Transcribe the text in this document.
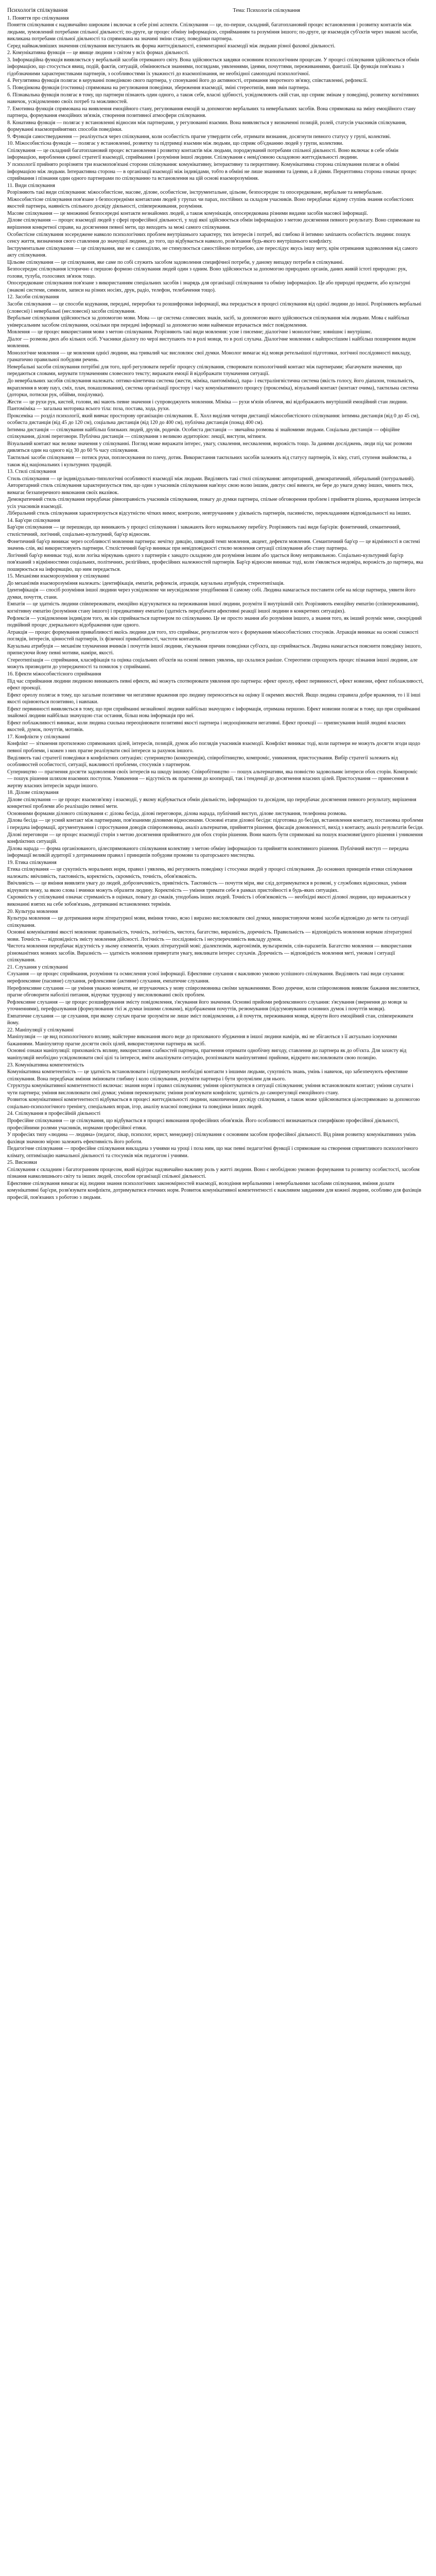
Психологія спілкування	Тема: Психологія спілкування

1. Поняття про спілкування

Поняття спілкування є надзвичайно широким і включає в себе різні аспекти. Спілкування — це, по-перше, складний, багатоплановий процес встановлення і розвитку контактів між людьми, зумовлений потребами спільної діяльності; по-друге, це процес обміну інформацією, сприйманням та розуміння іншого; по-друге, це взаємодія суб'єктів через знакові засоби, викликана потребами спільної діяльності та спрямована на значимі зміни стану, поведінки партнера.

Серед найважливіших значення спілкування виступають як форма життєдіяльності, елементарної взаємодії між людьми різної фахової діяльності.

2. Комунікативна функція — це явище людини з світом у всіх формах діяльності.

3. Інформаційна функція виявляється у вербальній засобів отриманого світу. Вона здійснюється завдяки основним психологічним процесам. У процесі спілкування здійснюється обмін інформацією, що стосується явищ, подій, фактів, ситуацій, обмінюються знаннями, поглядами, уявленнями, ідеями, почуттями, переживаннями, фантазії. Ця функція пов'язана з гідобзначними характеристиками партнерів, з особливостями їх уважності до взаємопізнання, не необхідної самоподачі психологічної.

4. Регулятивна функція полягає в керуванні поведінкою свого партнера, у спонуканні його до активності, отримання зворотного зв'язку, співставленні, рефлексії.

5. Поведінкова функція (гостинна) спрямована на регулювання поведінки, збереження взаємодії, зміні стереотипів, вияв змін партнера.

6. Пізнавальна функція полягає в тому, що партнери пізнають один одного, а також себе, власні здібності, усвідомлюють свій стан, що сприяє змінам у поведінці, розвитку когнітивних навичок, усвідомленню своїх потреб та можливостей.

7. Емотивна функція спрямована на виявлення емоційного стану, регулювання емоцій за допомогою вербальних та невербальних засобів. Вона спрямована на зміну емоційного стану партнера, формування емоційних зв'язків, створення позитивної атмосфери спілкування.

8. Конативна функція — полягає у встановленні відносин між партнерами, у регулюванні взаємин. Вона виявляється у визначенні позицій, ролей, статусів учасників спілкування, формуванні взаємоприйнятних способів поведінки.

9. Функція самоствердження — реалізується через спілкування, коли особистість прагне утвердити себе, отримати визнання, досягнути певного статусу у групі, колективі.

10. Міжособистісна функція — полягає у встановленні, розвитку та підтримці взаємин між людьми, що сприяє об'єднанню людей у групи, колективи.

Спілкування — це складний багатоплановий процес встановлення і розвитку контактів між людьми, породжуваний потребами спільної діяльності. Воно включає в себе обмін інформацією, вироблення єдиної стратегії взаємодії, сприймання і розуміння іншої людини. Спілкування є невід'ємною складовою життєдіяльності людини.

У психології прийнято розрізняти три взаємопов'язані сторони спілкування: комунікативну, інтерактивну та перцептивну. Комунікативна сторона спілкування полягає в обміні інформацією між людьми. Інтерактивна сторона — в організації взаємодії між індивідами, тобто в обміні не лише знаннями та ідеями, а й діями. Перцептивна сторона означає процес сприймання і пізнання один одного партнерами по спілкуванню та встановлення на цій основі взаєморозуміння.

11. Види спілкування

Розрізняють такі види спілкування: міжособистісне, масове, ділове, особистісне, інструментальне, цільове, безпосереднє та опосередковане, вербальне та невербальне.

Міжособистісне спілкування пов'язане з безпосередніми контактами людей у групах чи парах, постійних за складом учасників. Воно передбачає відому ступінь знання особистісних якостей партнера, наявність спільного досвіду діяльності, співпереживання, розуміння.

Масове спілкування — це множинні безпосередні контакти незнайомих людей, а також комунікація, опосередкована різними видами засобів масової інформації.

Ділове спілкування — процес взаємодії людей у сфері професійної діяльності, у ході якої здійснюється обмін інформацією з метою досягнення певного результату. Воно спрямоване на вирішення конкретної справи, на досягнення певної мети, що виходить за межі самого спілкування.

Особистісне спілкування зосереджене навколо психологічних проблем внутрішнього характеру, тих інтересів і потреб, які глибоко й інтимно зачіпають особистість людини: пошук сенсу життя, визначення свого ставлення до значущої людини, до того, що відбувається навколо, розв'язання будь-якого внутрішнього конфлікту.

Інструментальне спілкування — це спілкування, яке не є самоціллю, не стимулюється самостійною потребою, але переслідує якусь іншу мету, крім отримання задоволення від самого акту спілкування.

Цільове спілкування — це спілкування, яке саме по собі служить засобом задоволення специфічної потреби, у даному випадку потреби в спілкуванні.

Безпосереднє спілкування історично є першою формою спілкування людей один з одним. Воно здійснюється за допомогою природних органів, даних живій істоті природою: рук, голови, тулуба, голосових зв'язок тощо.

Опосередковане спілкування пов'язане з використанням спеціальних засобів і знарядь для організації спілкування та обміну інформацією. Це або природні предмети, або культурні (знакові системи, символи, записи на різних носіях, друк, радіо, телефон, телебачення тощо).

12. Засоби спілкування

Засоби спілкування — це способи кодування, передачі, переробки та розшифровки інформації, яка передається в процесі спілкування від однієї людини до іншої. Розрізняють вербальні (словесні) і невербальні (несловесні) засоби спілкування.

Вербальне спілкування здійснюється за допомогою мови. Мова — це система словесних знаків, засіб, за допомогою якого здійснюється спілкування між людьми. Мова є найбільш універсальним засобом спілкування, оскільки при передачі інформації за допомогою мови найменше втрачається зміст повідомлення.

Мовлення — це процес використання мови з метою спілкування. Розрізняють такі види мовлення: усне і писемне; діалогічне і монологічне; зовнішнє і внутрішнє.

Діалог — розмова двох або кількох осіб. Учасники діалогу по черзі виступають то в ролі мовця, то в ролі слухача. Діалогічне мовлення є найпростішим і найбільш поширеним видом мовлення.

Монологічне мовлення — це мовлення однієї людини, яка тривалий час висловлює свої думки. Монолог вимагає від мовця ретельнішої підготовки, логічної послідовності викладу, граматично правильної побудови речень.

Невербальні засоби спілкування потрібні для того, щоб регулювати перебіг процесу спілкування, створювати психологічний контакт між партнерами; збагачувати значення, що передаються словами, керувати тлумаченням словесного тексту; виражати емоції й відображати тлумачення ситуації.

До невербальних засобів спілкування належать: оптико-кінетична система (жести, міміка, пантоміміка), пара- і екстралінгвістична система (якість голосу, його діапазон, тональність, вкраплення в мову пауз, сміх, плач, покашлювання), система організації простору і часу комунікативного процесу (проксеміка), візуальний контакт (контакт очима), тактильна система (доторки, потиски рук, обійми, поцілунки).

Жести — це рухи рук, кистей, голови, які мають певне значення і супроводжують мовлення. Міміка — рухи м'язів обличчя, які відображають внутрішній емоційний стан людини. Пантоміміка — загальна моторика всього тіла: поза, постава, хода, рухи.

Проксеміка — розділ психології, який вивчає просторову організацію спілкування. Е. Холл виділив чотири дистанції міжособистісного спілкування: інтимна дистанція (від 0 до 45 см), особиста дистанція (від 45 до 120 см), соціальна дистанція (від 120 до 400 см), публічна дистанція (понад 400 см).

Інтимна дистанція — спілкування найбільш близьких людей, друзів, родичів. Особиста дистанція — звичайна розмова зі знайомими людьми. Соціальна дистанція — офіційне спілкування, ділові переговори. Публічна дистанція — спілкування з великою аудиторією: лекції, виступи, мітинги.

Візуальний контакт має велике значення у спілкуванні. Погляд може виражати інтерес, увагу, схвалення, несхвалення, ворожість тощо. За даними досліджень, люди під час розмови дивляться один на одного від 30 до 60 % часу спілкування.

Тактильні засоби спілкування — потиск руки, поплескування по плечу, дотик. Використання тактильних засобів залежить від статусу партнерів, їх віку, статі, ступеня знайомства, а також від національних і культурних традицій.

13. Стилі спілкування

Стиль спілкування — це індивідуально-типологічні особливості взаємодії між людьми. Виділяють такі стилі спілкування: авторитарний, демократичний, ліберальний (потуральний).

Авторитарний стиль спілкування характеризується тим, що один з учасників спілкування нав'язує свою волю іншим, диктує свої вимоги, не бере до уваги думку інших, чинить тиск, вимагає беззаперечного виконання своїх вказівок.

Демократичний стиль спілкування передбачає рівноправність учасників спілкування, повагу до думки партнера, спільне обговорення проблем і прийняття рішень, врахування інтересів усіх учасників взаємодії.

Ліберальний стиль спілкування характеризується відсутністю чітких вимог, контролю, невтручанням у діяльність партнерів, пасивністю, перекладанням відповідальності на інших.

14. Бар'єри спілкування

Бар'єри спілкування — це перешкоди, що виникають у процесі спілкування і заважають його нормальному перебігу. Розрізняють такі види бар'єрів: фонетичний, семантичний, стилістичний, логічний, соціально-культурний, бар'єр відносин.

Фонетичний бар'єр виникає через особливості мовлення партнера: нечітку дикцію, швидкий темп мовлення, акцент, дефекти мовлення. Семантичний бар'єр — це відмінності в системі значень слів, які використовують партнери. Стилістичний бар'єр виникає при невідповідності стилю мовлення ситуації спілкування або стану партнера.

Логічний бар'єр виникає тоді, коли логіка міркувань одного з партнерів є занадто складною для розуміння іншим або здається йому неправильною. Соціально-культурний бар'єр пов'язаний з відмінностями соціальних, політичних, релігійних, професійних належностей партнерів. Бар'єр відносин виникає тоді, коли з'являється недовіра, ворожість до партнера, яка поширюється на інформацію, що ним передається.

15. Механізми взаєморозуміння у спілкуванні

До механізмів взаєморозуміння належать: ідентифікація, емпатія, рефлексія, атракція, каузальна атрибуція, стереотипізація.

Ідентифікація — спосіб розуміння іншої людини через усвідомлене чи неусвідомлене уподібнення її самому собі. Людина намагається поставити себе на місце партнера, уявити його думки, почуття, стани.

Емпатія — це здатність людини співпереживати, емоційно відгукуватися на переживання іншої людини, розуміти її внутрішній світ. Розрізняють емоційну емпатію (співпереживання), когнітивну емпатію (розуміння стану іншого) і предикативну емпатію (здатність передбачати афективні реакції іншої людини в конкретних ситуаціях).

Рефлексія — усвідомлення індивідом того, як він сприймається партнером по спілкуванню. Це не просто знання або розуміння іншого, а знання того, як інший розуміє мене, своєрідний подвійний процес дзеркального відображення одне одного.

Атракція — процес формування привабливості якоїсь людини для того, хто сприймає, результатом чого є формування міжособистісних стосунків. Атракція виникає на основі схожості поглядів, інтересів, цінностей партнерів, їх фізичної привабливості, частоти контактів.

Каузальна атрибуція — механізм тлумачення вчинків і почуттів іншої людини, з'ясування причин поведінки суб'єкта, що сприймається. Людина намагається пояснити поведінку іншого, приписуючи йому певні мотиви, наміри, якості.

Стереотипізація — сприймання, класифікація та оцінка соціальних об'єктів на основі певних уявлень, що склалися раніше. Стереотипи спрощують процес пізнання іншої людини, але можуть призводити до упередженості та помилок у сприйманні.

16. Ефекти міжособистісного сприймання

Під час сприймання людини людиною виникають певні ефекти, які можуть спотворювати уявлення про партнера: ефект ореолу, ефект первинності, ефект новизни, ефект поблажливості, ефект проекції.

Ефект ореолу полягає в тому, що загальне позитивне чи негативне враження про людину переноситься на оцінку її окремих якостей. Якщо людина справила добре враження, то і її інші якості оцінюються позитивно, і навпаки.

Ефект первинності виявляється в тому, що при сприйманні незнайомої людини найбільш значущою є інформація, отримана першою. Ефект новизни полягає в тому, що при сприйманні знайомої людини найбільш значущою стає остання, більш нова інформація про неї.

Ефект поблажливості виникає, коли людина схильна переоцінювати позитивні якості партнера і недооцінювати негативні. Ефект проекції — приписування іншій людині власних якостей, думок, почуттів, мотивів.

17. Конфлікти у спілкуванні

Конфлікт — зіткнення протилежно спрямованих цілей, інтересів, позицій, думок або поглядів учасників взаємодії. Конфлікт виникає тоді, коли партнери не можуть досягти згоди щодо певної проблеми, і кожен з них прагне реалізувати свої інтереси за рахунок іншого.

Виділяють такі стратегії поведінки в конфліктних ситуаціях: суперництво (конкуренція), співробітництво, компроміс, уникнення, пристосування. Вибір стратегії залежить від особливостей особистості, ситуації, важливості проблеми, стосунків з партнером.

Суперництво — прагнення досягти задоволення своїх інтересів на шкоду іншому. Співробітництво — пошук альтернативи, яка повністю задовольняє інтереси обох сторін. Компроміс — пошук рішення шляхом взаємних поступок. Уникнення — відсутність як прагнення до кооперації, так і тенденції до досягнення власних цілей. Пристосування — принесення в жертву власних інтересів заради іншого.

18. Ділове спілкування

Ділове спілкування — це процес взаємозв'язку і взаємодії, у якому відбувається обмін діяльністю, інформацією та досвідом, що передбачає досягнення певного результату, вирішення конкретної проблеми або реалізацію певної мети.

Основними формами ділового спілкування є: ділова бесіда, ділові переговори, ділова нарада, публічний виступ, ділове листування, телефонна розмова.

Ділова бесіда — це усний контакт між партнерами, пов'язаними діловими відносинами. Основні етапи ділової бесіди: підготовка до бесіди, встановлення контакту, постановка проблеми і передача інформації, аргументування і спростування доводів співрозмовника, аналіз альтернатив, прийняття рішення, фіксація домовленості, вихід з контакту, аналіз результатів бесіди.

Ділові переговори — це процес взаємодії сторін з метою досягнення прийнятного для обох сторін рішення. Вони мають бути спрямовані на пошук взаємовигідного рішення і уникнення конфліктних ситуацій.

Ділова нарада — форма організованого, цілеспрямованого спілкування колективу з метою обміну інформацією та прийняття колективного рішення. Публічний виступ — передача інформації великій аудиторії з дотриманням правил і принципів побудови промови та ораторського мистецтва.

19. Етика спілкування

Етика спілкування — це сукупність моральних норм, правил і уявлень, які регулюють поведінку і стосунки людей у процесі спілкування. До основних принципів етики спілкування належать: ввічливість, тактовність, коректність, скромність, точність, обов'язковість.

Ввічливість — це вміння виявляти увагу до людей, доброзичливість, привітність. Тактовність — почуття міри, яке слід дотримуватися в розмові, у службових відносинах, уміння відчувати межу, за якою слова і вчинки можуть образити людину. Коректність — уміння тримати себе в рамках пристойності в будь-яких ситуаціях.

Скромність у спілкуванні означає стриманість в оцінках, повагу до смаків, уподобань інших людей. Точність і обов'язковість — необхідні якості ділової людини, що виражаються у виконанні взятих на себе зобов'язань, дотриманні встановлених термінів.

20. Культура мовлення

Культура мовлення — це дотримання норм літературної мови, вміння точно, ясно і виразно висловлювати свої думки, використовуючи мовні засоби відповідно до мети та ситуації спілкування.

Основні комунікативні якості мовлення: правильність, точність, логічність, чистота, багатство, виразність, доречність. Правильність — відповідність мовлення нормам літературної мови. Точність — відповідність змісту мовлення дійсності. Логічність — послідовність і несуперечливість викладу думок.

Чистота мовлення передбачає відсутність у ньому елементів, чужих літературній мові: діалектизмів, жаргонізмів, вульгаризмів, слів-паразитів. Багатство мовлення — використання різноманітних мовних засобів. Виразність — здатність мовлення привертати увагу, викликати інтерес слухачів. Доречність — відповідність мовлення меті, умовам і ситуації спілкування.

21. Слухання у спілкуванні

Слухання — це процес сприймання, розуміння та осмислення усної інформації. Ефективне слухання є важливою умовою успішного спілкування. Виділяють такі види слухання: нерефлексивне (пасивне) слухання, рефлексивне (активне) слухання, емпатичне слухання.

Нерефлексивне слухання — це уміння уважно мовчати, не втручаючись у мову співрозмовника своїми зауваженнями. Воно доречне, коли співрозмовник виявляє бажання висловитися, прагне обговорити наболілі питання, відчуває труднощі у висловлюванні своїх проблем.

Рефлексивне слухання — це процес розшифрування змісту повідомлення, з'ясування його значення. Основні прийоми рефлексивного слухання: з'ясування (звернення до мовця за уточненнями), перефразування (формулювання тієї ж думки іншими словами), відображення почуттів, резюмування (підсумовування основних думок і почуттів мовця).

Емпатичне слухання — це слухання, при якому слухач прагне зрозуміти не лише зміст повідомлення, а й почуття, переживання мовця, відчути його емоційний стан, співпереживати йому.

22. Маніпуляції у спілкуванні

Маніпуляція — це вид психологічного впливу, майстерне виконання якого веде до прихованого збудження в іншої людини намірів, які не збігаються з її актуально існуючими бажаннями. Маніпулятор прагне досягти своїх цілей, використовуючи партнера як засіб.

Основні ознаки маніпуляції: прихованість впливу, використання слабкостей партнера, прагнення отримати однобічну вигоду, ставлення до партнера як до об'єкта. Для захисту від маніпуляцій необхідно усвідомлювати свої цілі та інтереси, вміти аналізувати ситуацію, розпізнавати маніпулятивні прийоми, відкрито висловлювати свою позицію.

23. Комунікативна компетентність

Комунікативна компетентність — це здатність встановлювати і підтримувати необхідні контакти з іншими людьми, сукупність знань, умінь і навичок, що забезпечують ефективне спілкування. Вона передбачає вміння змінювати глибину і коло спілкування, розуміти партнера і бути зрозумілим для нього.

Структура комунікативної компетентності включає: знання норм і правил спілкування; уміння орієнтуватися в ситуації спілкування; уміння встановлювати контакт; уміння слухати і чути партнера; уміння висловлювати свої думки; уміння переконувати; уміння розв'язувати конфлікти; здатність до саморегуляції емоційного стану.

Розвиток комунікативної компетентності відбувається в процесі життєдіяльності людини, накопичення досвіду спілкування, а також може здійснюватися цілеспрямовано за допомогою соціально-психологічного тренінгу, спеціальних вправ, ігор, аналізу власної поведінки та поведінки інших людей.

24. Спілкування в професійній діяльності

Професійне спілкування — це спілкування, що відбувається в процесі виконання професійних обов'язків. Його особливості визначаються специфікою професійної діяльності, професійними ролями учасників, нормами професійної етики.

У професіях типу «людина — людина» (педагог, лікар, психолог, юрист, менеджер) спілкування є основним засобом професійної діяльності. Від рівня розвитку комунікативних умінь фахівця значною мірою залежить ефективність його роботи.

Педагогічне спілкування — професійне спілкування викладача з учнями на уроці і поза ним, що має певні педагогічні функції і спрямоване на створення сприятливого психологічного клімату, оптимізацію навчальної діяльності та стосунків між педагогом і учнями.

25. Висновки

Спілкування є складним і багатогранним процесом, який відіграє надзвичайно важливу роль у житті людини. Воно є необхідною умовою формування та розвитку особистості, засобом пізнання навколишнього світу та інших людей, способом організації спільної діяльності.

Ефективне спілкування вимагає від людини знання психологічних закономірностей взаємодії, володіння вербальними і невербальними засобами спілкування, вміння долати комунікативні бар'єри, розв'язувати конфлікти, дотримуватися етичних норм. Розвиток комунікативної компетентності є важливим завданням для кожної людини, особливо для фахівців професій, пов'язаних з роботою з людьми.
